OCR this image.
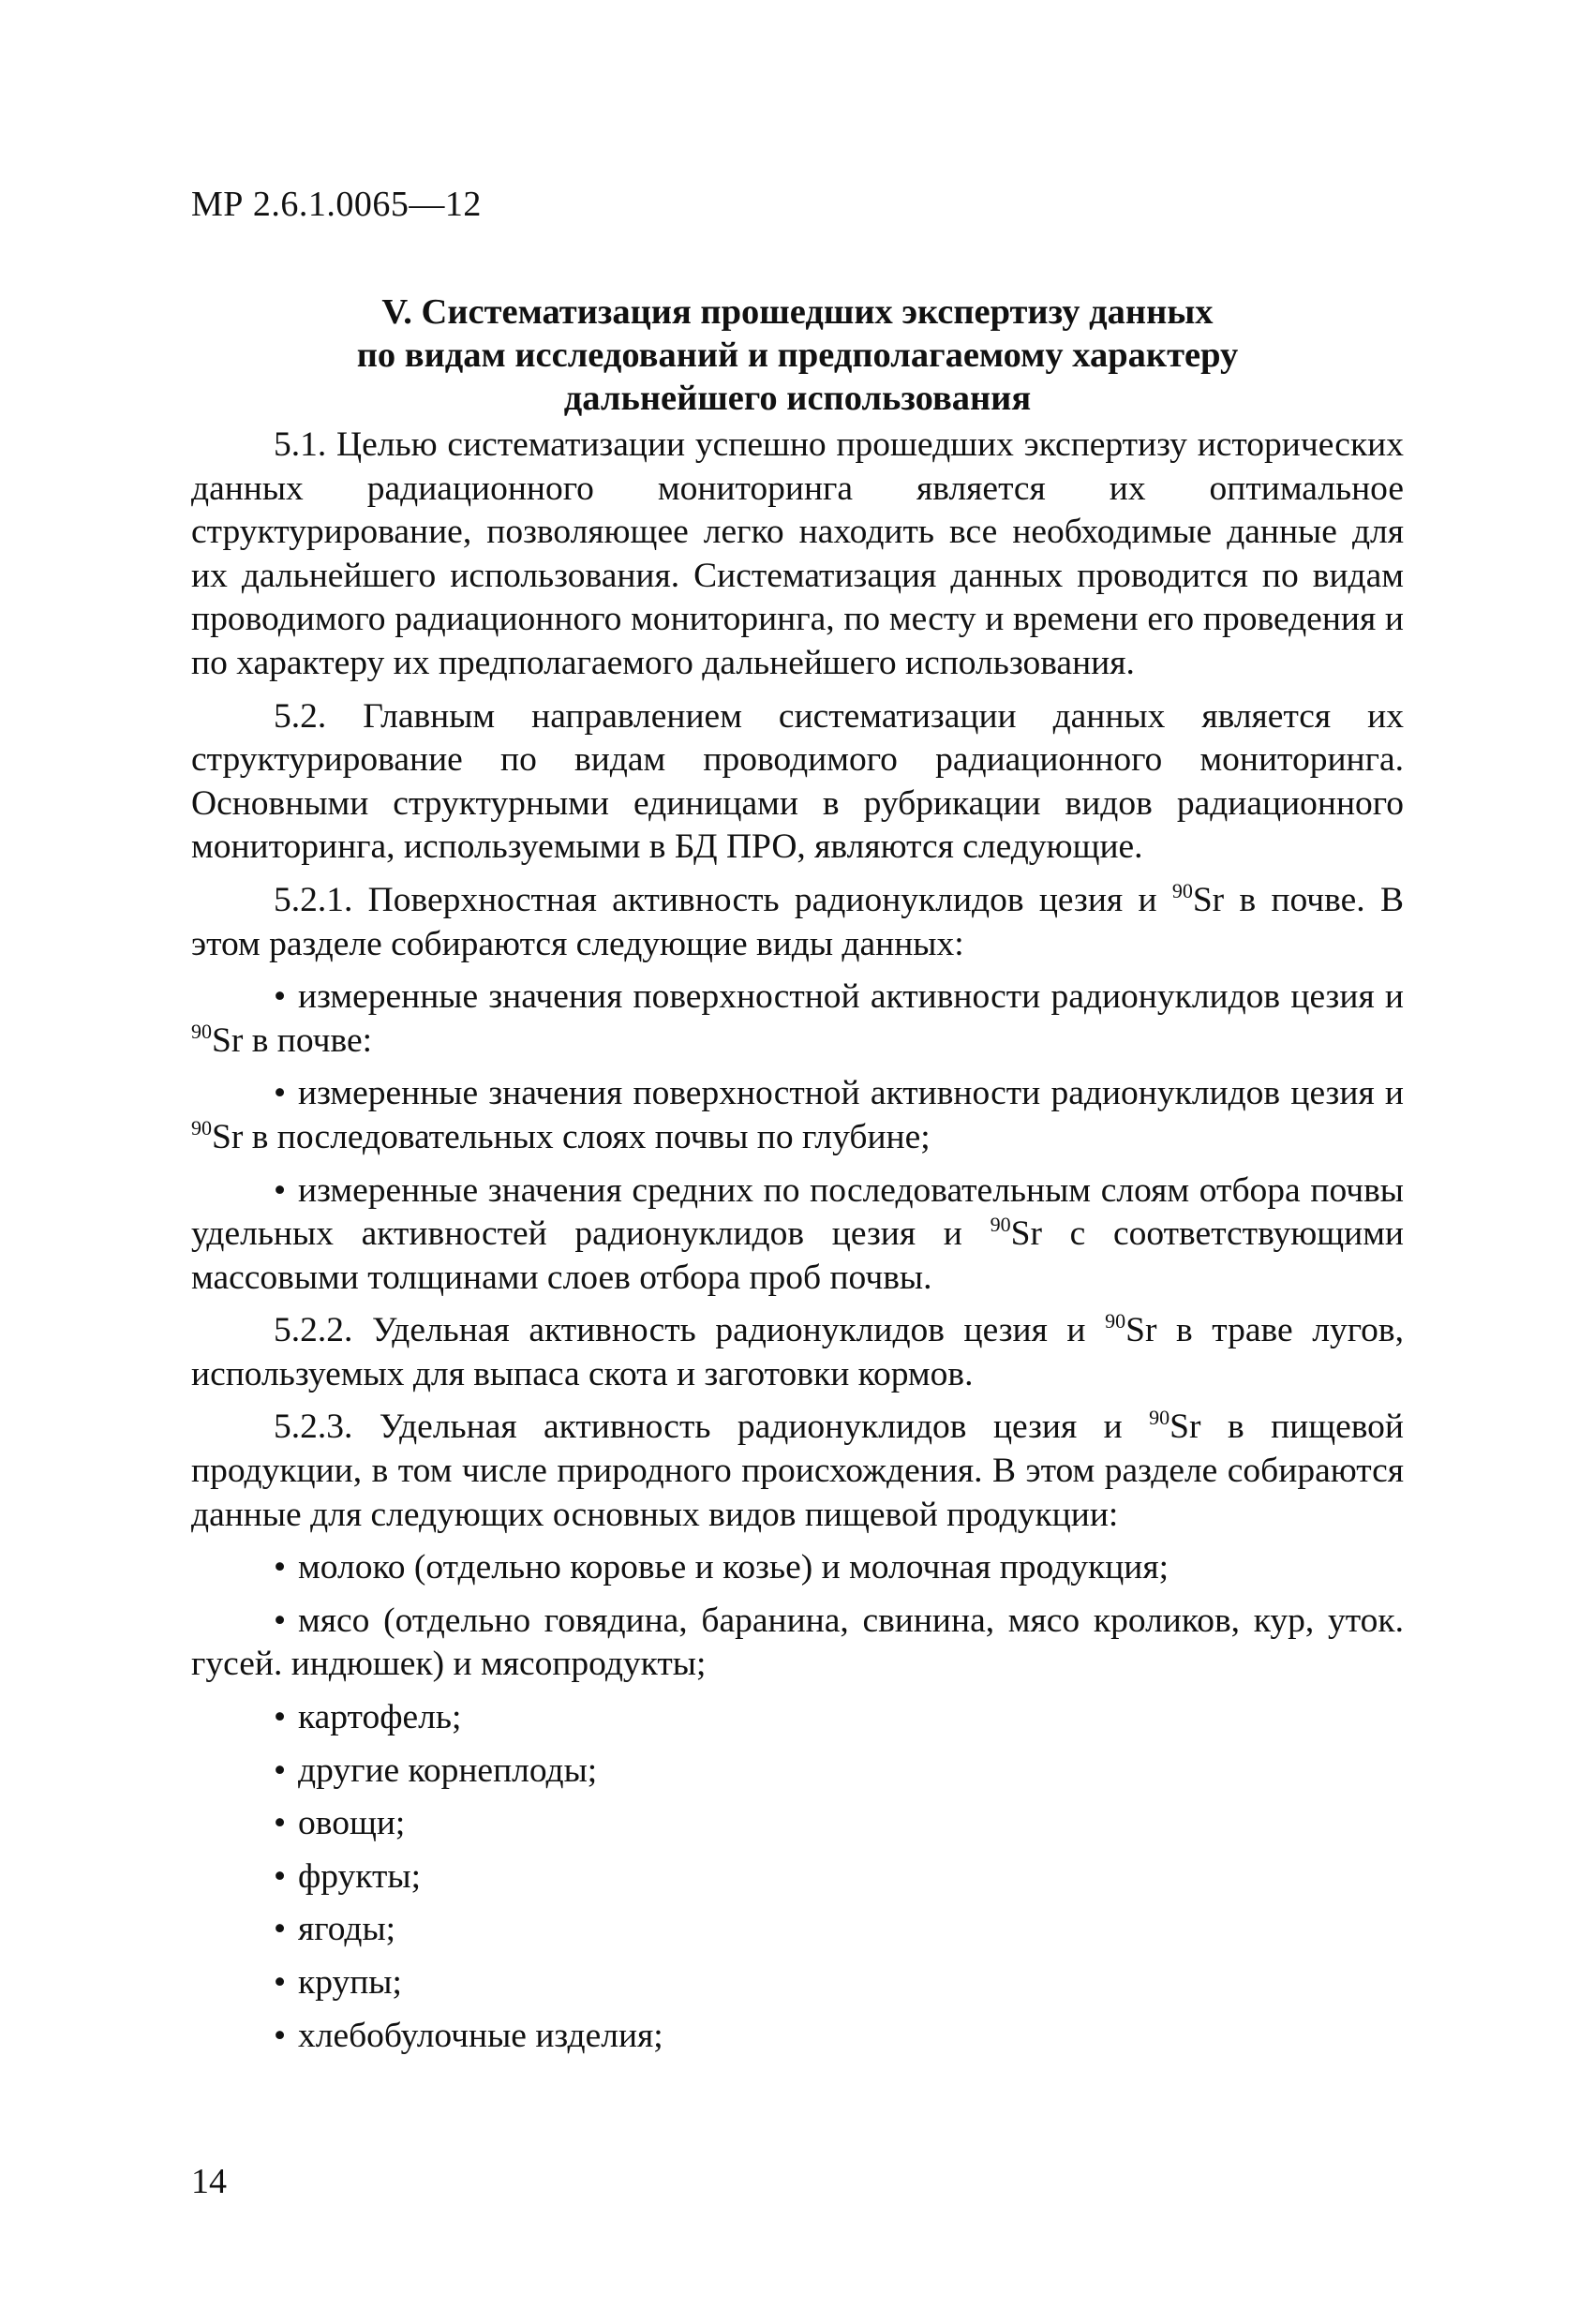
МР 2.6.1.0065—12
V. Систематизация прошедших экспертизу данных
по видам исследований и предполагаемому характеру
дальнейшего использования

5.1. Целью систематизации успешно прошедших экспертизу исторических данных радиационного мониторинга является их оптимальное структурирование, позволяющее легко находить все необходимые данные для их дальнейшего использования. Систематизация данных проводится по видам проводимого радиационного мониторинга, по месту и времени его проведения и по характеру их предполагаемого дальнейшего использования.

5.2. Главным направлением систематизации данных является их структурирование по видам проводимого радиационного мониторинга. Основными структурными единицами в рубрикации видов радиационного мониторинга, используемыми в БД ПРО, являются следующие.

5.2.1. Поверхностная активность радионуклидов цезия и $^{90}$Sr в почве. В этом разделе собираются следующие виды данных:

• измеренные значения поверхностной активности радионуклидов цезия и $^{90}$Sr в почве:

• измеренные значения поверхностной активности радионуклидов цезия и $^{90}$Sr в последовательных слоях почвы по глубине;

• измеренные значения средних по последовательным слоям отбора почвы удельных активностей радионуклидов цезия и $^{90}$Sr с соответствующими массовыми толщинами слоев отбора проб почвы.

5.2.2. Удельная активность радионуклидов цезия и $^{90}$Sr в траве лугов, используемых для выпаса скота и заготовки кормов.

5.2.3. Удельная активность радионуклидов цезия и $^{90}$Sr в пищевой продукции, в том числе природного происхождения. В этом разделе собираются данные для следующих основных видов пищевой продукции:

• молоко (отдельно коровье и козье) и молочная продукция;

• мясо (отдельно говядина, баранина, свинина, мясо кроликов, кур, уток. гусей. индюшек) и мясопродукты;

• картофель;
• другие корнеплоды;
• овощи;
• фрукты;
• ягоды;
• крупы;
• хлебобулочные изделия;
14
